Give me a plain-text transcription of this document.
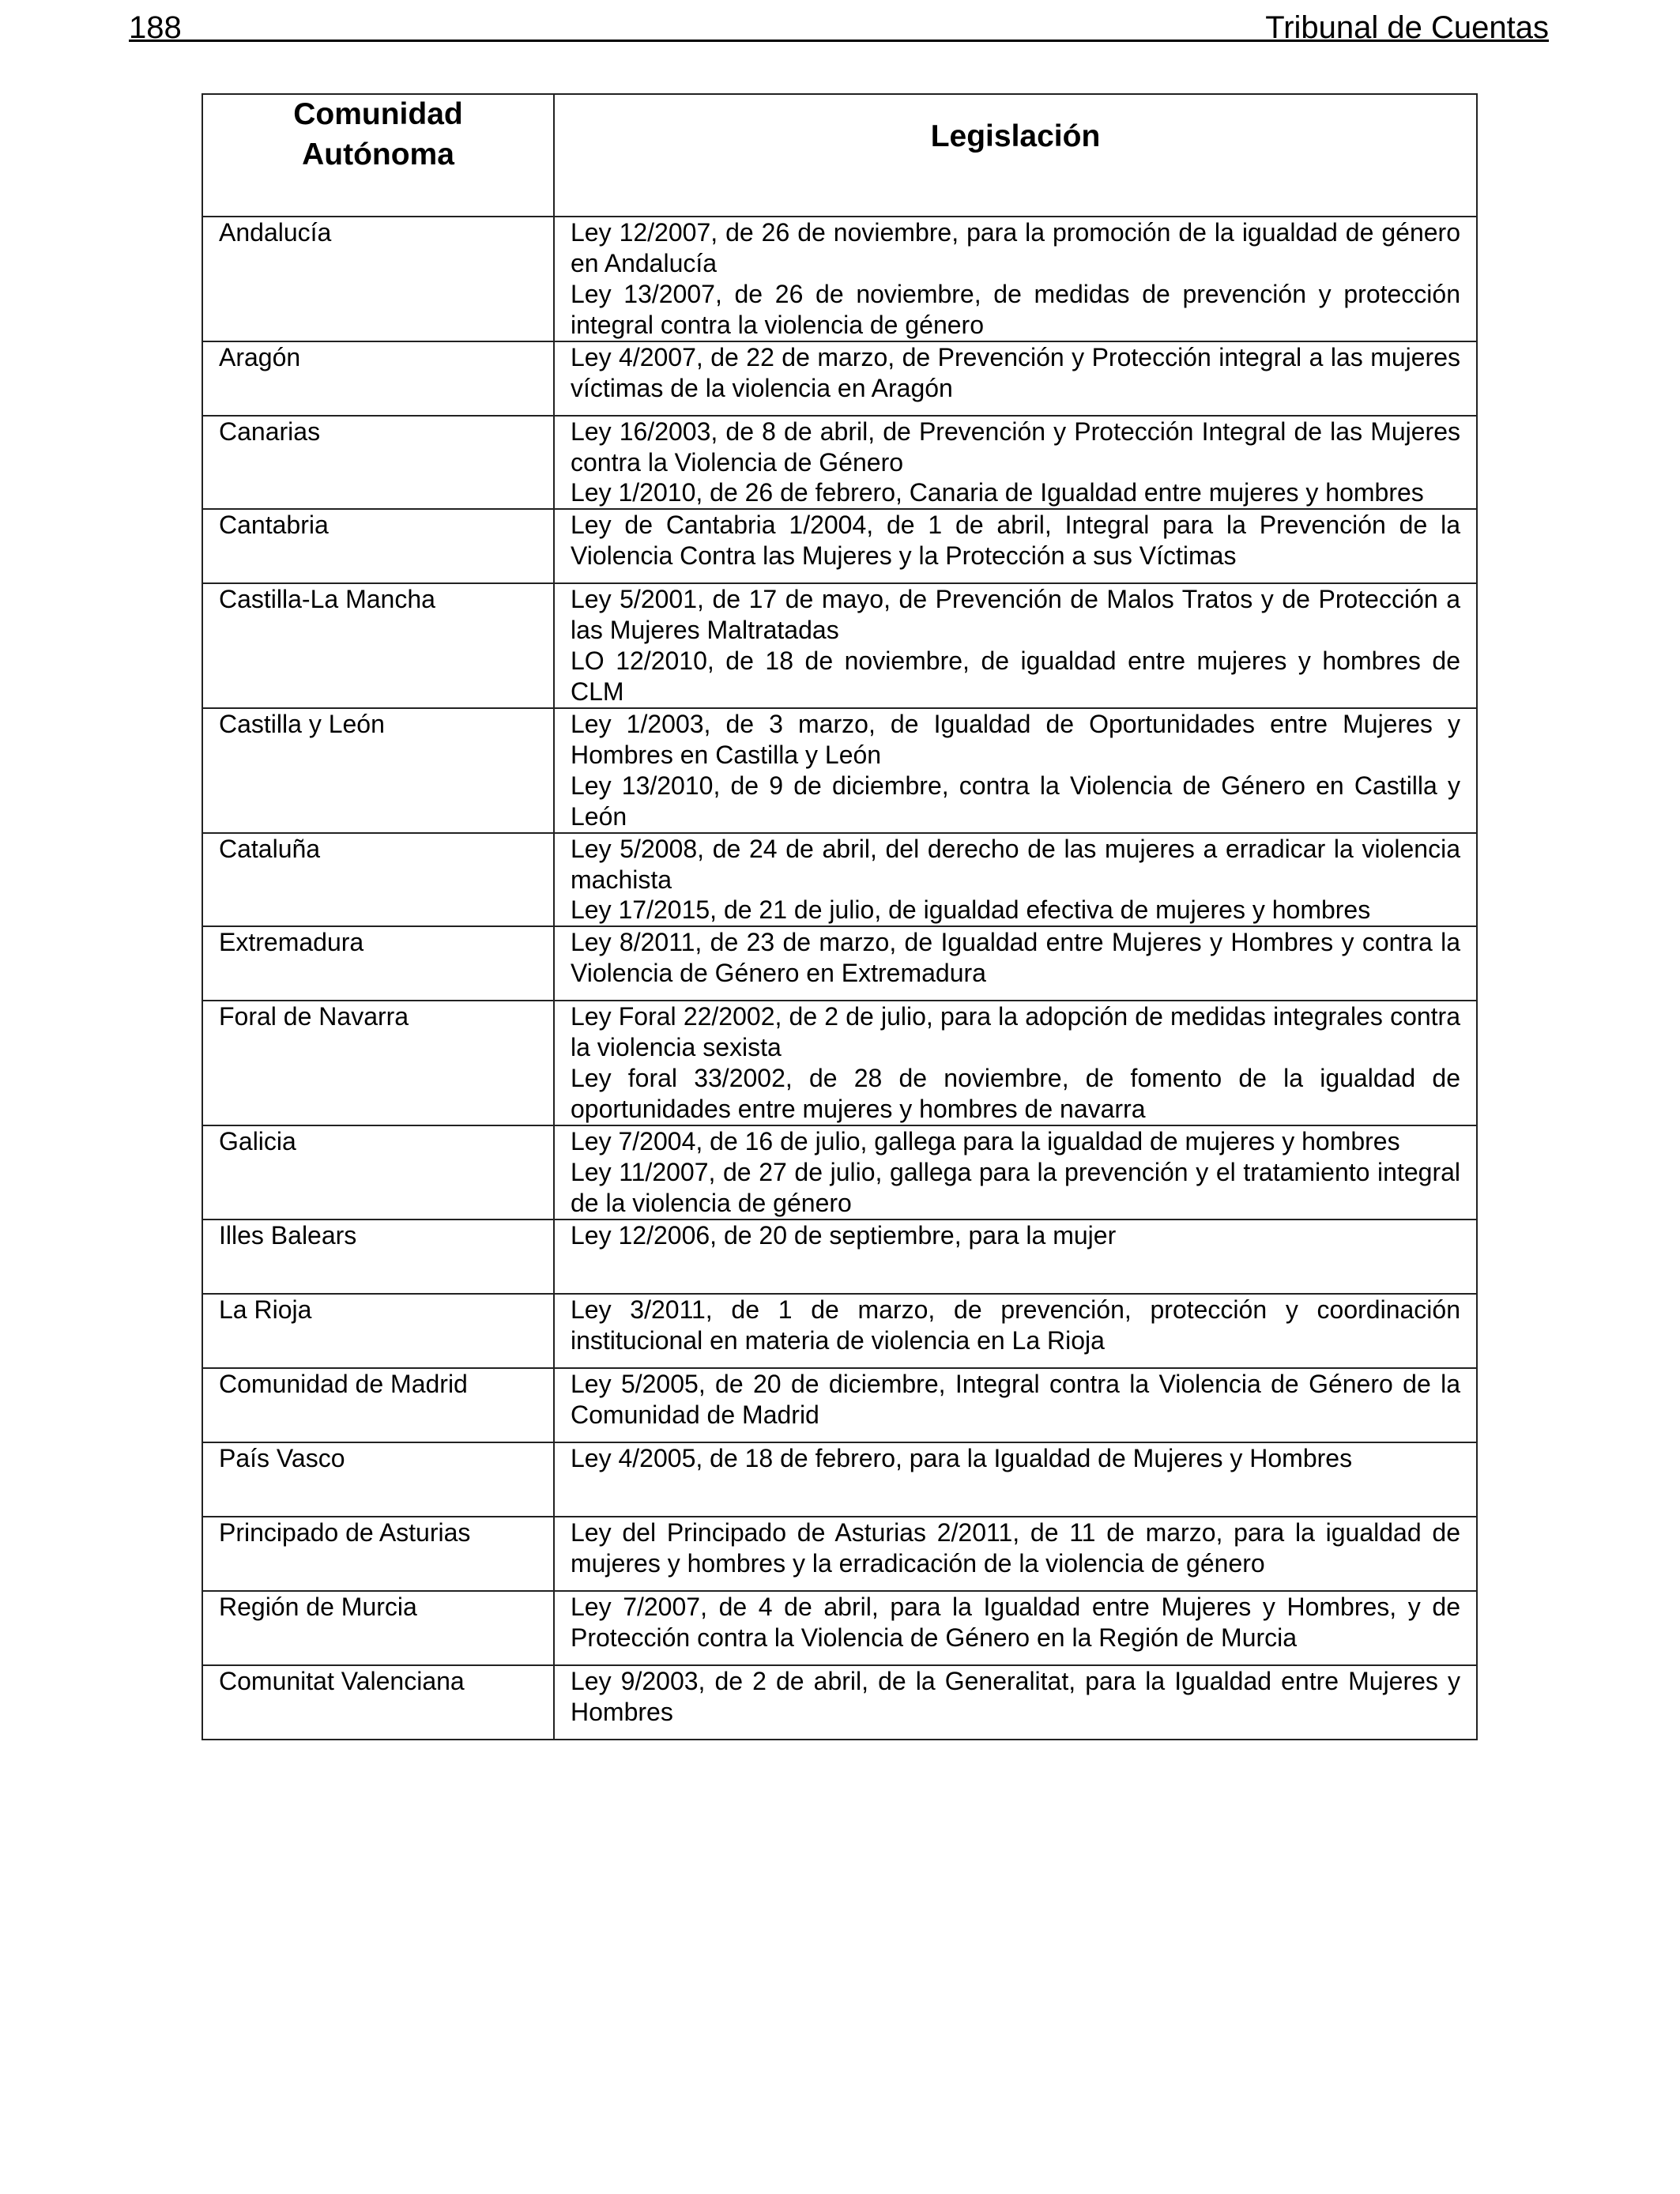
188	Tribunal de Cuentas
Comunidad
Autónoma	Legislación

Andalucía	Ley 12/2007, de 26 de noviembre, para la promoción de la igualdad de género en Andalucía
Ley 13/2007, de 26 de noviembre, de medidas de prevención y protección integral contra la violencia de género

Aragón	Ley 4/2007, de 22 de marzo, de Prevención y Protección integral a las mujeres víctimas de la violencia en Aragón

Canarias	Ley 16/2003, de 8 de abril, de Prevención y Protección Integral de las Mujeres contra la Violencia de Género
Ley 1/2010, de 26 de febrero, Canaria de Igualdad entre mujeres y hombres

Cantabria	Ley de Cantabria 1/2004, de 1 de abril, Integral para la Prevención de la Violencia Contra las Mujeres y la Protección a sus Víctimas

Castilla-La Mancha	Ley 5/2001, de 17 de mayo, de Prevención de Malos Tratos y de Protección a las Mujeres Maltratadas
LO 12/2010, de 18 de noviembre, de igualdad entre mujeres y hombres de CLM

Castilla y León	Ley 1/2003, de 3 marzo, de Igualdad de Oportunidades entre Mujeres y Hombres en Castilla y León
Ley 13/2010, de 9 de diciembre, contra la Violencia de Género en Castilla y León

Cataluña	Ley 5/2008, de 24 de abril, del derecho de las mujeres a erradicar la violencia machista
Ley 17/2015, de 21 de julio, de igualdad efectiva de mujeres y hombres

Extremadura	Ley 8/2011, de 23 de marzo, de Igualdad entre Mujeres y Hombres y contra la Violencia de Género en Extremadura

Foral de Navarra	Ley Foral 22/2002, de 2 de julio, para la adopción de medidas integrales contra la violencia sexista
Ley foral 33/2002, de 28 de noviembre, de fomento de la igualdad de oportunidades entre mujeres y hombres de navarra

Galicia	Ley 7/2004, de 16 de julio, gallega para la igualdad de mujeres y hombres
Ley 11/2007, de 27 de julio, gallega para la prevención y el tratamiento integral de la violencia de género

Illes Balears	Ley 12/2006, de 20 de septiembre, para la mujer

La Rioja	Ley 3/2011, de 1 de marzo, de prevención, protección y coordinación institucional en materia de violencia en La Rioja

Comunidad de Madrid	Ley 5/2005, de 20 de diciembre, Integral contra la Violencia de Género de la Comunidad de Madrid

País Vasco	Ley 4/2005, de 18 de febrero, para la Igualdad de Mujeres y Hombres

Principado de Asturias	Ley del Principado de Asturias 2/2011, de 11 de marzo, para la igualdad de mujeres y hombres y la erradicación de la violencia de género

Región de Murcia	Ley 7/2007, de 4 de abril, para la Igualdad entre Mujeres y Hombres, y de Protección contra la Violencia de Género en la Región de Murcia

Comunitat Valenciana	Ley 9/2003, de 2 de abril, de la Generalitat, para la Igualdad entre Mujeres y Hombres
